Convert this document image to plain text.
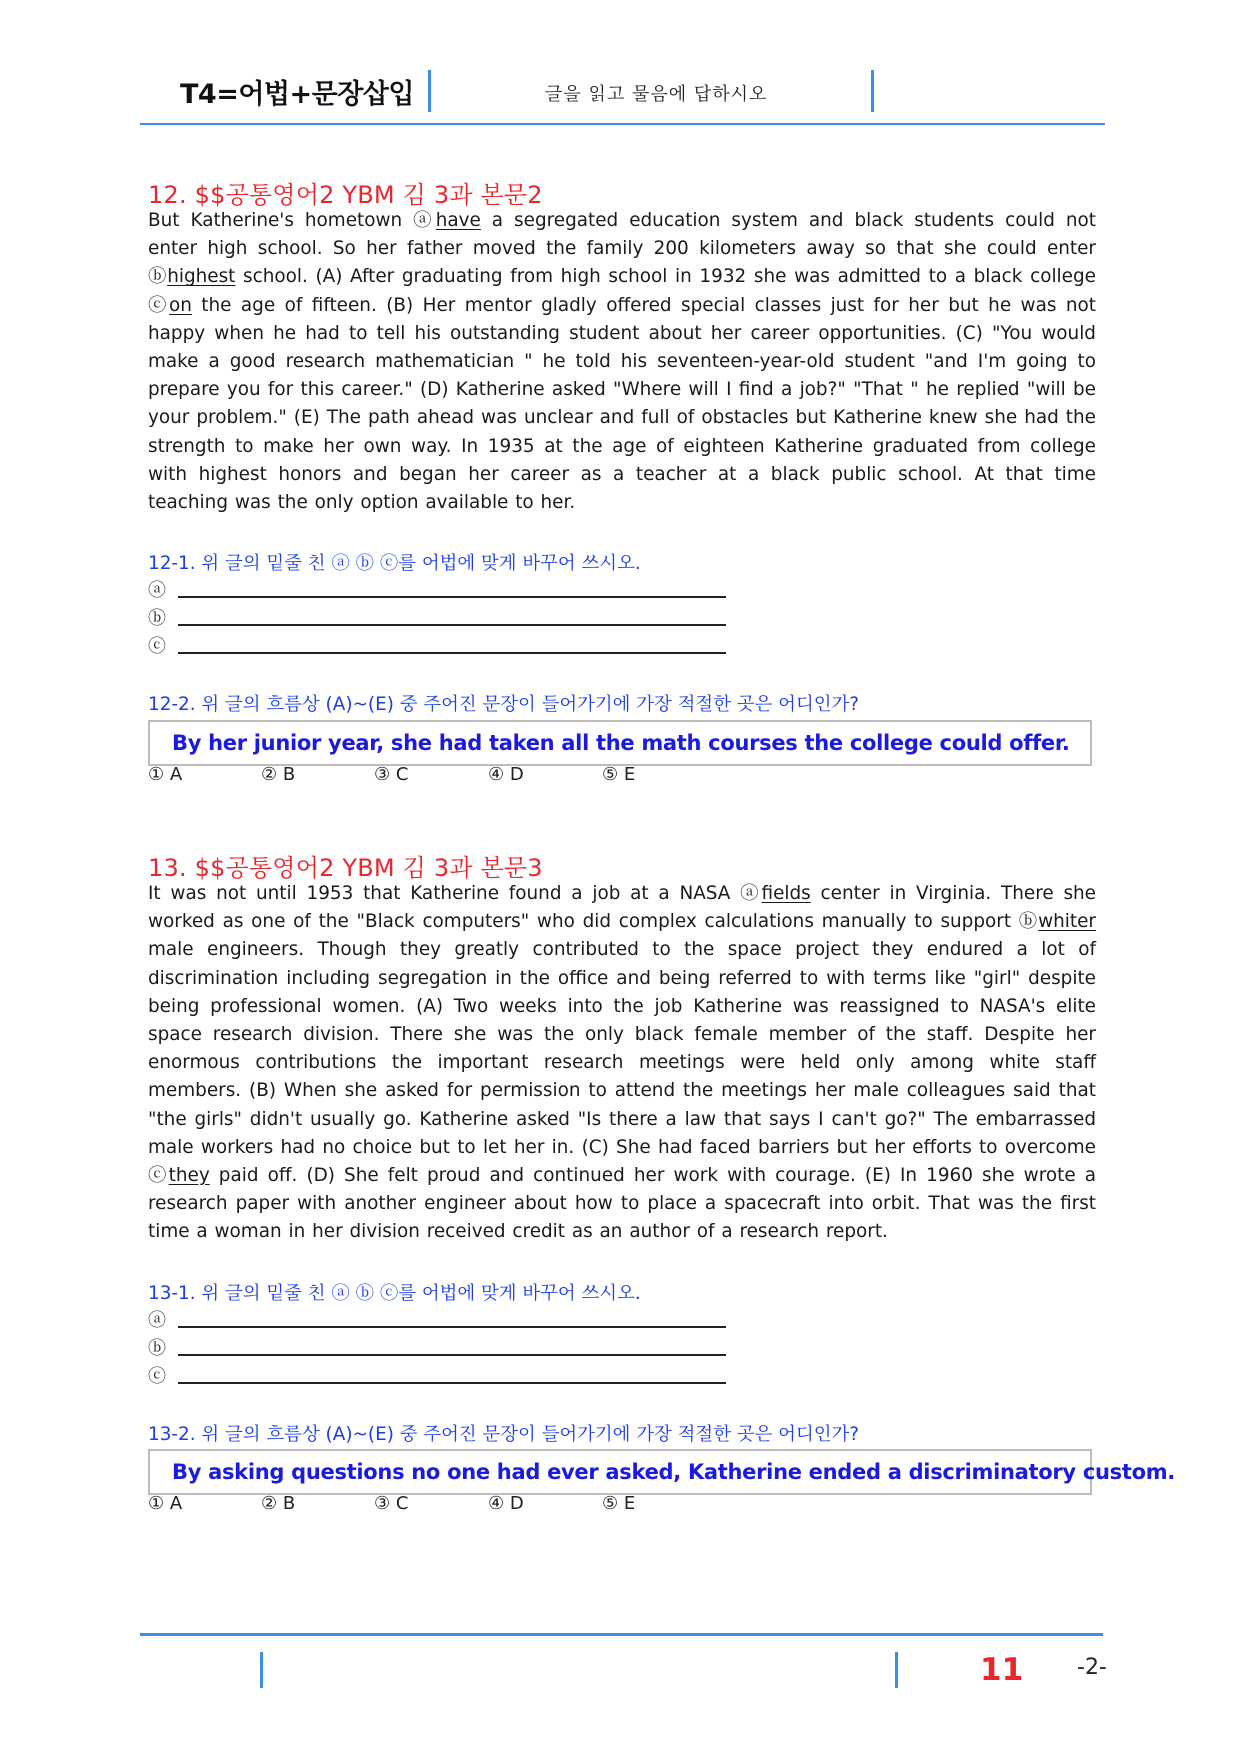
T4=어법+문장삽입	글을 읽고 물음에 답하시오
12. $$공통영어2 YBM 김 3과 본문2
But Katherine's hometown ⓐhave a segregated education system and black students could not enter high school. So her father moved the family 200 kilometers away so that she could enter ⓑhighest school. (A) After graduating from high school in 1932 she was admitted to a black college ⓒon the age of fifteen. (B) Her mentor gladly offered special classes just for her but he was not happy when he had to tell his outstanding student about her career opportunities. (C) "You would make a good research mathematician " he told his seventeen-year-old student "and I'm going to prepare you for this career." (D) Katherine asked "Where will I find a job?" "That " he replied "will be your problem." (E) The path ahead was unclear and full of obstacles but Katherine knew she had the strength to make her own way. In 1935 at the age of eighteen Katherine graduated from college with highest honors and began her career as a teacher at a black public school. At that time teaching was the only option available to her.
12-1. 위 글의 밑줄 친 ⓐ ⓑ ⓒ를 어법에 맞게 바꾸어 쓰시오.
ⓐ
ⓑ
ⓒ
12-2. 위 글의 흐름상 (A)~(E) 중 주어진 문장이 들어가기에 가장 적절한 곳은 어디인가?
By her junior year, she had taken all the math courses the college could offer.
① A	② B	③ C	④ D	⑤ E
13. $$공통영어2 YBM 김 3과 본문3
It was not until 1953 that Katherine found a job at a NASA ⓐfields center in Virginia. There she worked as one of the "Black computers" who did complex calculations manually to support ⓑwhiter male engineers. Though they greatly contributed to the space project they endured a lot of discrimination including segregation in the office and being referred to with terms like "girl" despite being professional women. (A) Two weeks into the job Katherine was reassigned to NASA's elite space research division. There she was the only black female member of the staff. Despite her enormous contributions the important research meetings were held only among white staff members. (B) When she asked for permission to attend the meetings her male colleagues said that "the girls" didn't usually go. Katherine asked "Is there a law that says I can't go?" The embarrassed male workers had no choice but to let her in. (C) She had faced barriers but her efforts to overcome ⓒthey paid off. (D) She felt proud and continued her work with courage. (E) In 1960 she wrote a research paper with another engineer about how to place a spacecraft into orbit. That was the first time a woman in her division received credit as an author of a research report.
13-1. 위 글의 밑줄 친 ⓐ ⓑ ⓒ를 어법에 맞게 바꾸어 쓰시오.
ⓐ
ⓑ
ⓒ
13-2. 위 글의 흐름상 (A)~(E) 중 주어진 문장이 들어가기에 가장 적절한 곳은 어디인가?
By asking questions no one had ever asked, Katherine ended a discriminatory custom.
① A	② B	③ C	④ D	⑤ E
11 -2-
